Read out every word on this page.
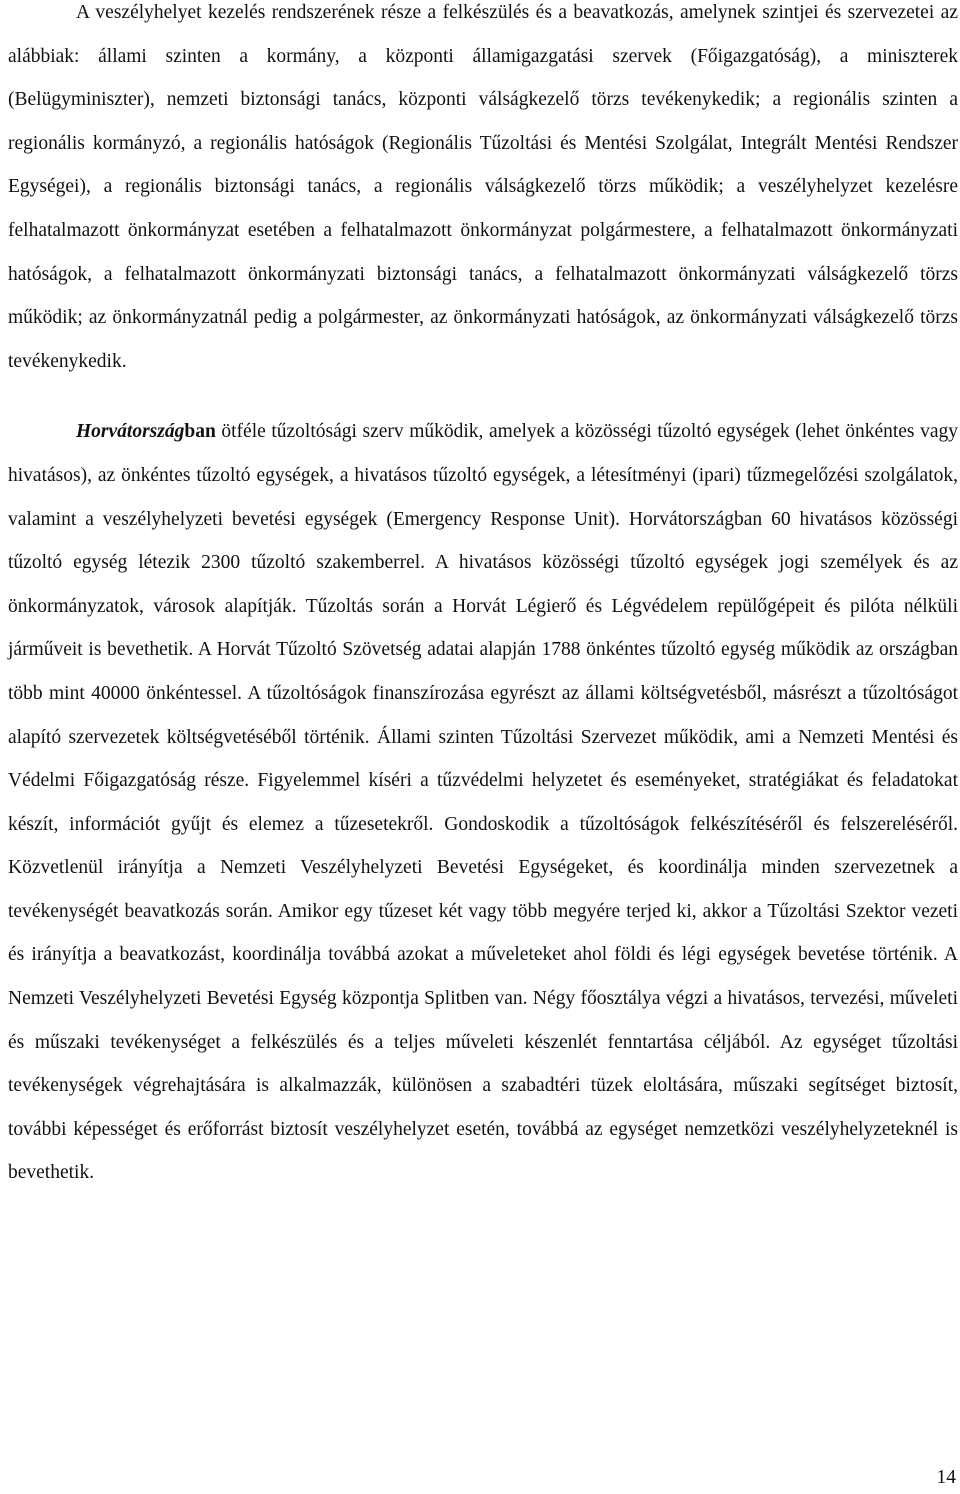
A veszélyhelyet kezelés rendszerének része a felkészülés és a beavatkozás, amelynek szintjei és szervezetei az alábbiak: állami szinten a kormány, a központi államigazgatási szervek (Főigazgatóság), a miniszterek (Belügyminiszter), nemzeti biztonsági tanács, központi válságkezelő törzs tevékenykedik; a regionális szinten a regionális kormányzó, a regionális hatóságok (Regionális Tűzoltási és Mentési Szolgálat, Integrált Mentési Rendszer Egységei), a regionális biztonsági tanács, a regionális válságkezelő törzs működik; a veszélyhelyzet kezelésre felhatalmazott önkormányzat esetében a felhatalmazott önkormányzat polgármestere, a felhatalmazott önkormányzati hatóságok, a felhatalmazott önkormányzati biztonsági tanács, a felhatalmazott önkormányzati válságkezelő törzs működik; az önkormányzatnál pedig a polgármester, az önkormányzati hatóságok, az önkormányzati válságkezelő törzs tevékenykedik.

Horvátországban ötféle tűzoltósági szerv működik, amelyek a közösségi tűzoltó egységek (lehet önkéntes vagy hivatásos), az önkéntes tűzoltó egységek, a hivatásos tűzoltó egységek, a létesítményi (ipari) tűzmegelőzési szolgálatok, valamint a veszélyhelyzeti bevetési egységek (Emergency Response Unit). Horvátországban 60 hivatásos közösségi tűzoltó egység létezik 2300 tűzoltó szakemberrel. A hivatásos közösségi tűzoltó egységek jogi személyek és az önkormányzatok, városok alapítják. Tűzoltás során a Horvát Légierő és Légvédelem repülőgépeit és pilóta nélküli járműveit is bevethetik. A Horvát Tűzoltó Szövetség adatai alapján 1788 önkéntes tűzoltó egység működik az országban több mint 40000 önkéntessel. A tűzoltóságok finanszírozása egyrészt az állami költségvetésből, másrészt a tűzoltóságot alapító szervezetek költségvetéséből történik. Állami szinten Tűzoltási Szervezet működik, ami a Nemzeti Mentési és Védelmi Főigazgatóság része. Figyelemmel kíséri a tűzvédelmi helyzetet és eseményeket, stratégiákat és feladatokat készít, információt gyűjt és elemez a tűzesetekről. Gondoskodik a tűzoltóságok felkészítéséről és felszereléséről. Közvetlenül irányítja a Nemzeti Veszélyhelyzeti Bevetési Egységeket, és koordinálja minden szervezetnek a tevékenységét beavatkozás során. Amikor egy tűzeset két vagy több megyére terjed ki, akkor a Tűzoltási Szektor vezeti és irányítja a beavatkozást, koordinálja továbbá azokat a műveleteket ahol földi és légi egységek bevetése történik. A Nemzeti Veszélyhelyzeti Bevetési Egység központja Splitben van. Négy főosztálya végzi a hivatásos, tervezési, műveleti és műszaki tevékenységet a felkészülés és a teljes műveleti készenlét fenntartása céljából. Az egységet tűzoltási tevékenységek végrehajtására is alkalmazzák, különösen a szabadtéri tüzek eloltására, műszaki segítséget biztosít, további képességet és erőforrást biztosít veszélyhelyzet esetén, továbbá az egységet nemzetközi veszélyhelyzeteknél is bevethetik.

14
